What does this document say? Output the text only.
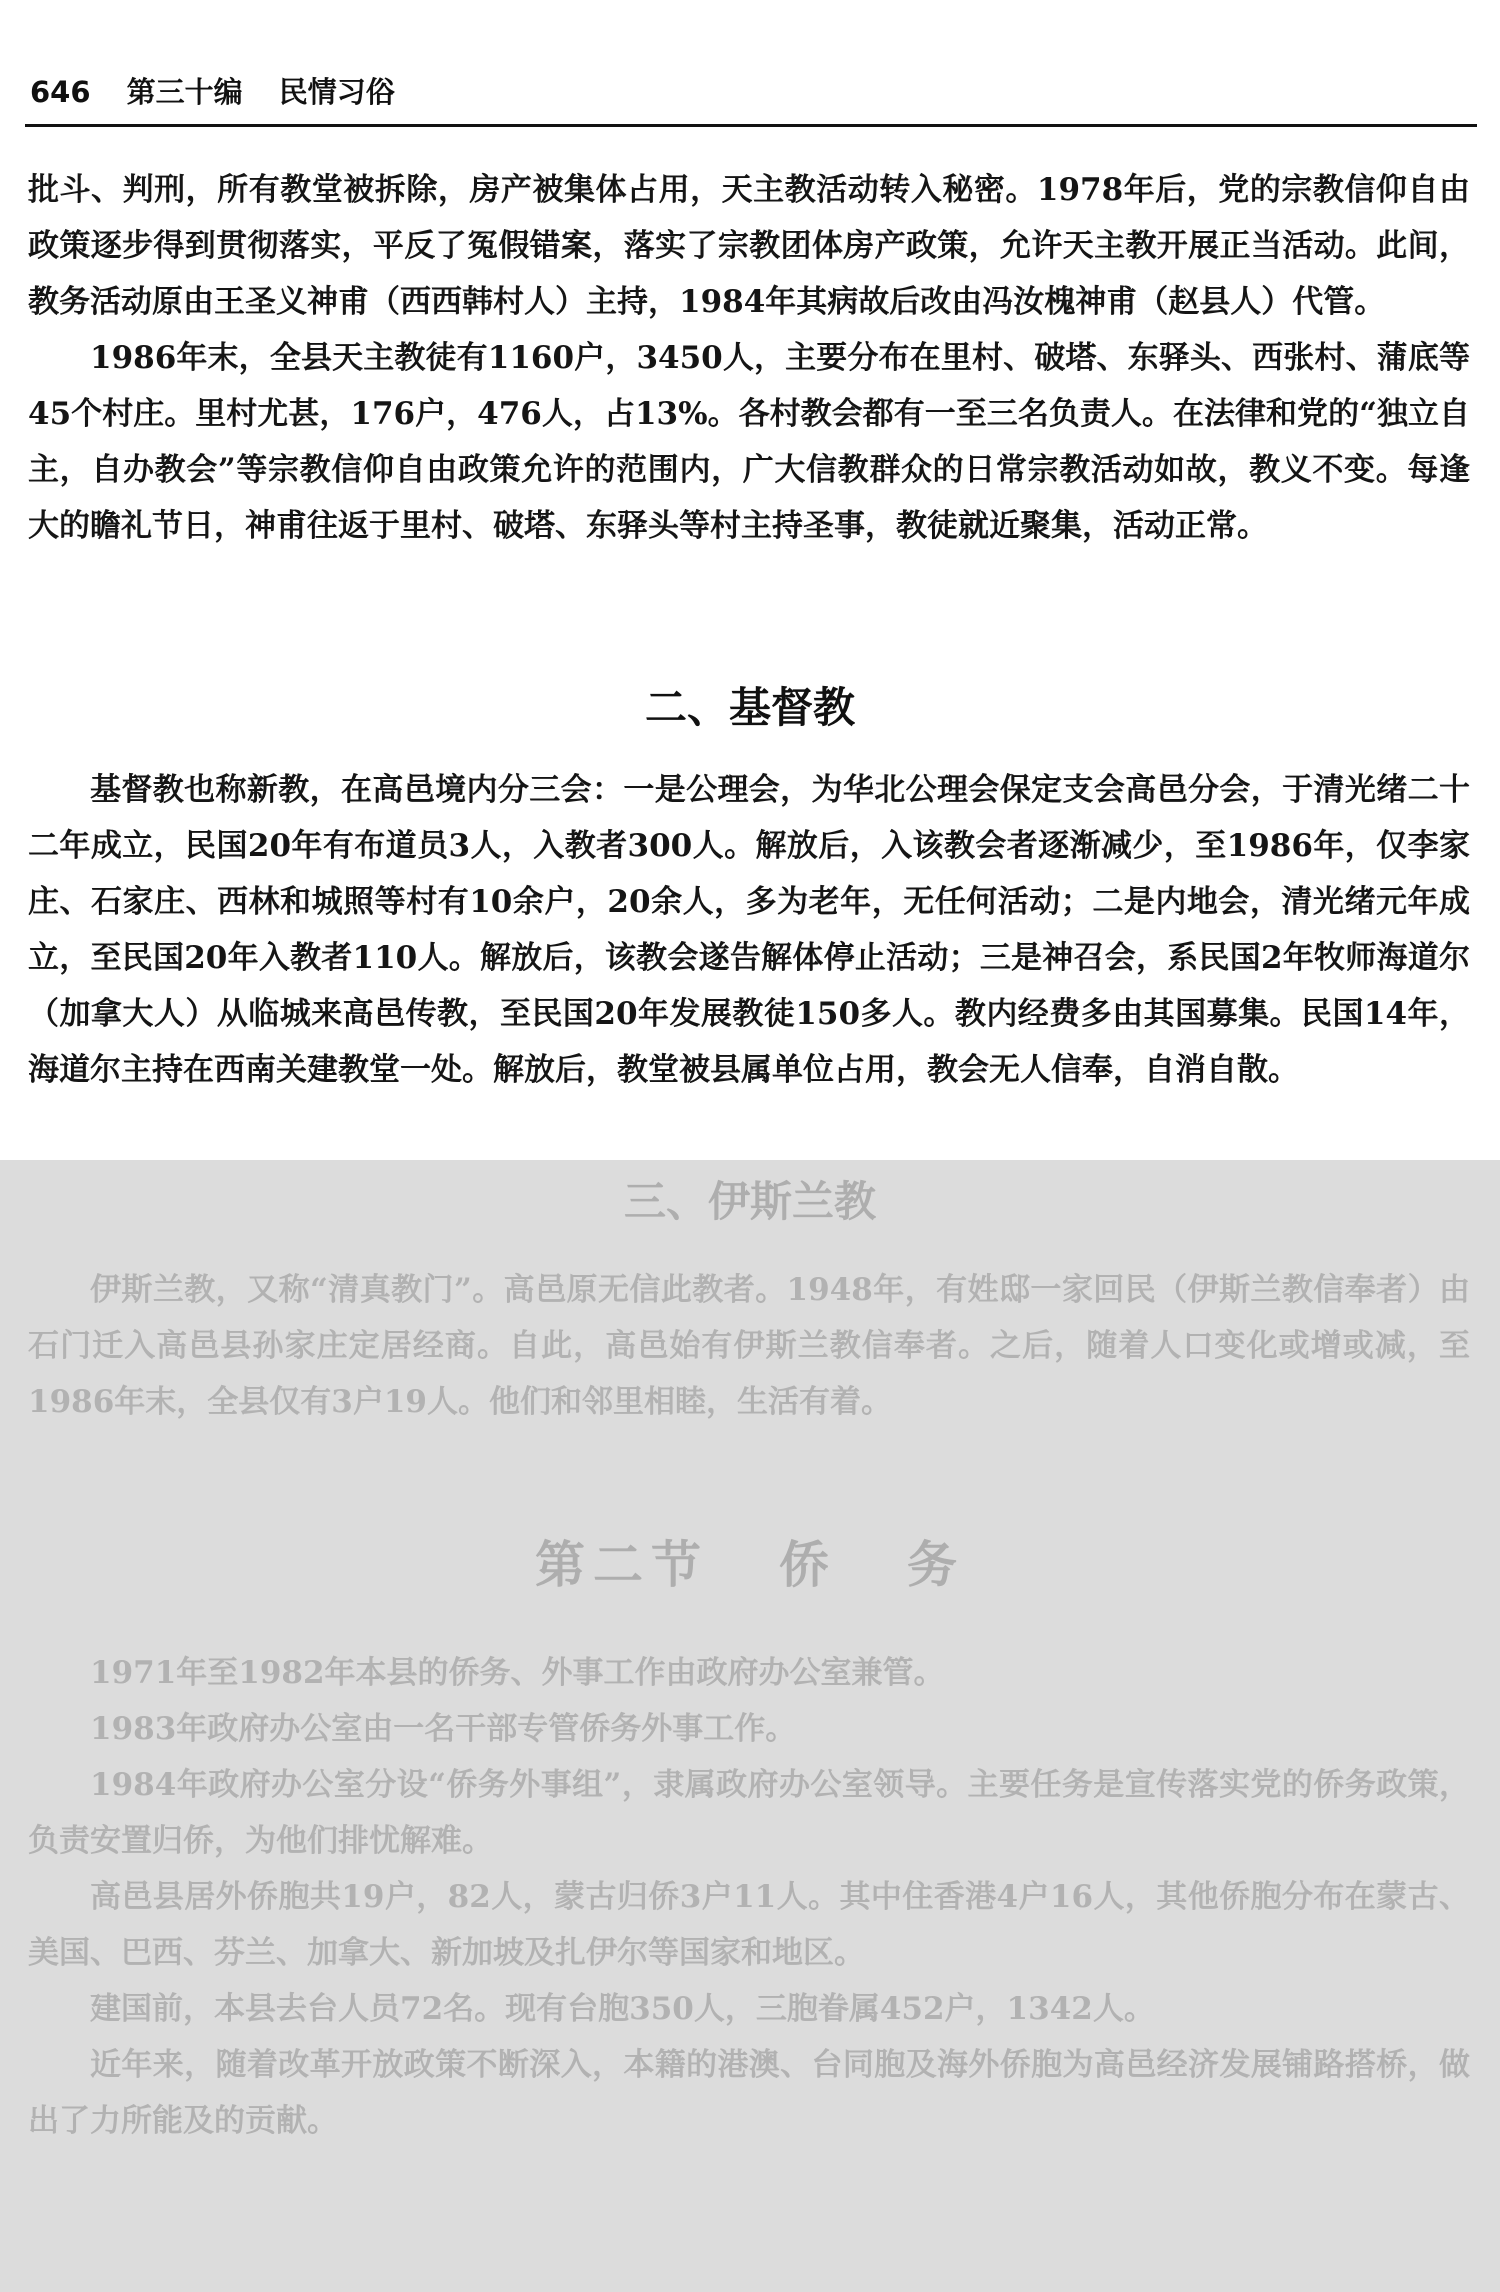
646 第三十编 民情习俗

批斗、判刑，所有教堂被拆除，房产被集体占用，天主教活动转入秘密。1978年后，党的宗教信仰自由政策逐步得到贯彻落实，平反了冤假错案，落实了宗教团体房产政策，允许天主教开展正当活动。此间，教务活动原由王圣义神甫（西西韩村人）主持，1984年其病故后改由冯汝槐神甫（赵县人）代管。

1986年末，全县天主教徒有1160户，3450人，主要分布在里村、破塔、东驿头、西张村、蒲底等45个村庄。里村尤甚，176户，476人，占13%。各村教会都有一至三名负责人。在法律和党的“独立自主，自办教会”等宗教信仰自由政策允许的范围内，广大信教群众的日常宗教活动如故，教义不变。每逢大的瞻礼节日，神甫往返于里村、破塔、东驿头等村主持圣事，教徒就近聚集，活动正常。

二、基督教

基督教也称新教，在高邑境内分三会：一是公理会，为华北公理会保定支会高邑分会，于清光绪二十二年成立，民国20年有布道员3人，入教者300人。解放后，入该教会者逐渐减少，至1986年，仅李家庄、石家庄、西林和城照等村有10余户，20余人，多为老年，无任何活动；二是内地会，清光绪元年成立，至民国20年入教者110人。解放后，该教会遂告解体停止活动；三是神召会，系民国2年牧师海道尔（加拿大人）从临城来高邑传教，至民国20年发展教徒150多人。教内经费多由其国募集。民国14年，海道尔主持在西南关建教堂一处。解放后，教堂被县属单位占用，教会无人信奉，自消自散。

三、伊斯兰教

伊斯兰教，又称“清真教门”。高邑原无信此教者。1948年，有姓邸一家回民（伊斯兰教信奉者）由石门迁入高邑县孙家庄定居经商。自此，高邑始有伊斯兰教信奉者。之后，随着人口变化或增或减，至1986年末，全县仅有3户19人。他们和邻里相睦，生活有着。

第二节 侨 务

1971年至1982年本县的侨务、外事工作由政府办公室兼管。

1983年政府办公室由一名干部专管侨务外事工作。

1984年政府办公室分设“侨务外事组”，隶属政府办公室领导。主要任务是宣传落实党的侨务政策，负责安置归侨，为他们排忧解难。

高邑县居外侨胞共19户，82人，蒙古归侨3户11人。其中住香港4户16人，其他侨胞分布在蒙古、美国、巴西、芬兰、加拿大、新加坡及扎伊尔等国家和地区。

建国前，本县去台人员72名。现有台胞350人，三胞眷属452户，1342人。

近年来，随着改革开放政策不断深入，本籍的港澳、台同胞及海外侨胞为高邑经济发展铺路搭桥，做出了力所能及的贡献。
